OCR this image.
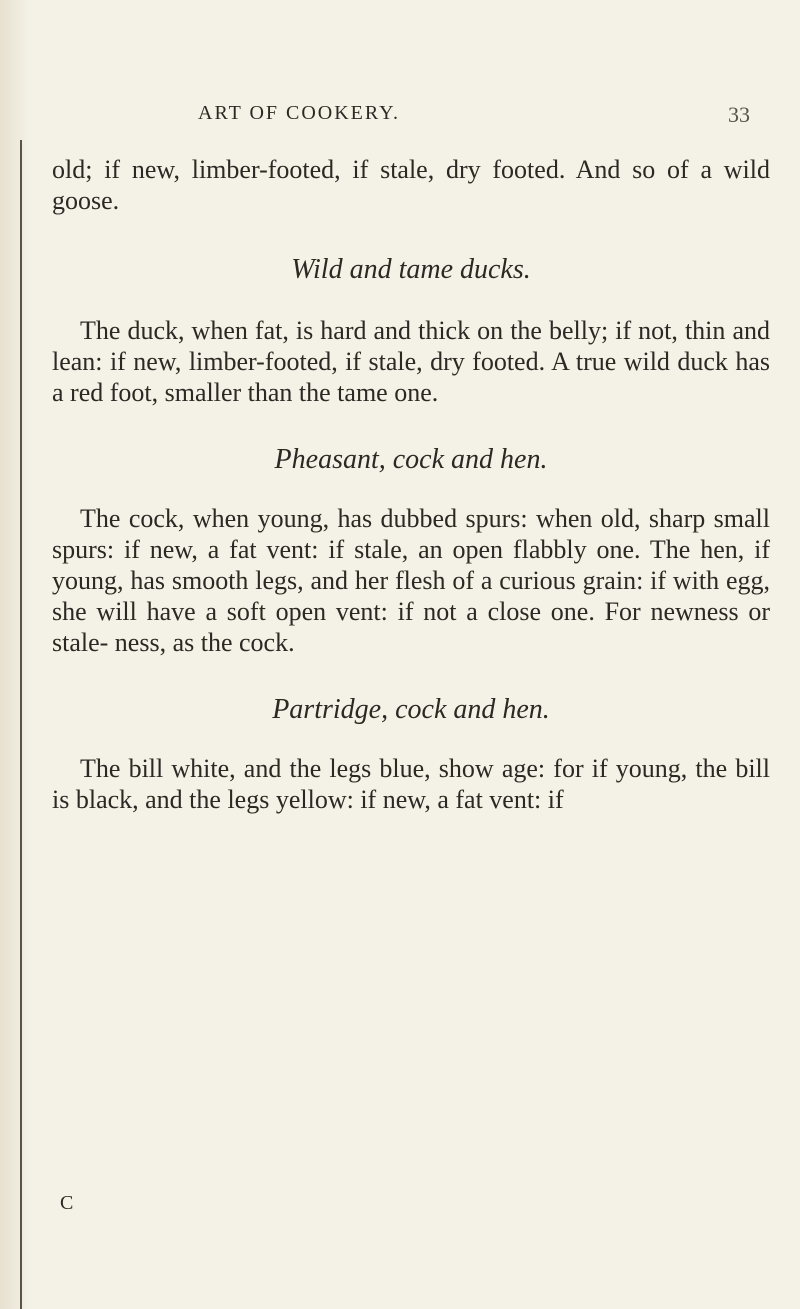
ART OF COOKERY.	33

old; if new, limber-footed, if stale, dry footed. And so of a wild goose.

Wild and tame ducks.

The duck, when fat, is hard and thick on the belly; if not, thin and lean: if new, limber-footed, if stale, dry footed. A true wild duck has a red foot, smaller than the tame one.

Pheasant, cock and hen.

The cock, when young, has dubbed spurs: when old, sharp small spurs: if new, a fat vent: if stale, an open flabbly one. The hen, if young, has smooth legs, and her flesh of a curious grain: if with egg, she will have a soft open vent: if not a close one. For newness or stale- ness, as the cock.

Partridge, cock and hen.

The bill white, and the legs blue, show age: for if young, the bill is black, and the legs yellow: if new, a fat vent: if

C
